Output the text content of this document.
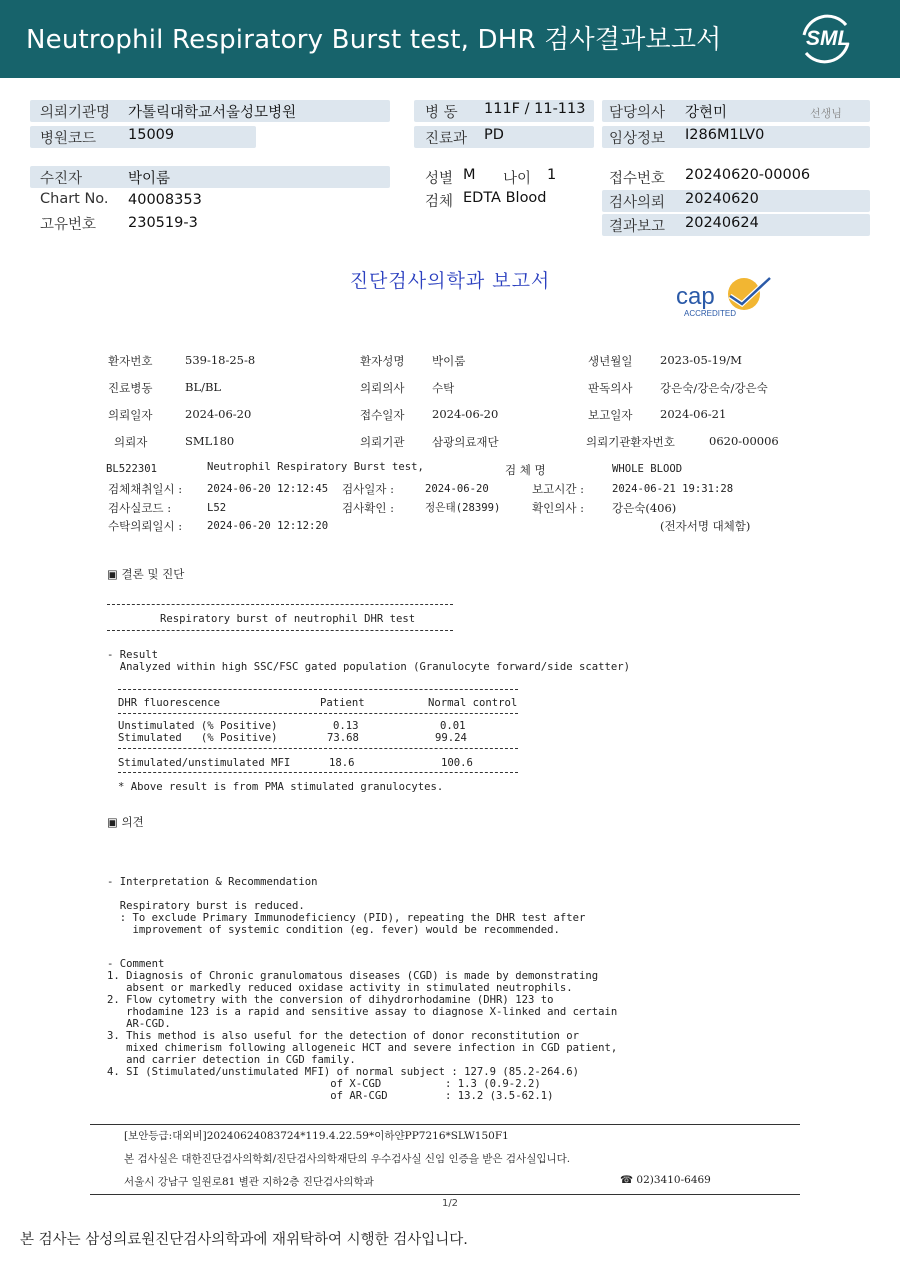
Neutrophil Respiratory Burst test, DHR 검사결과보고서	SML
의뢰기관명 가톨릭대학교서울성모병원	병 동 111F / 11-113 담당의사 강현미	선생님
병원코드 15009	진료과 PD	임상정보 I286M1LV0
수진자	박이룸	성별 M 나이 1	접수번호 20240620-00006
Chart No. 40008353	검체 EDTA Blood	검사의뢰 20240620
고유번호 230519-3	결과보고 20240624
진단검사의학과 보고서
cap
ACCREDITED
환자번호	539-18-25-8	환자성명 박이룸	생년월일 2023-05-19/M
진료병동	BL/BL	의뢰의사 수탁	판독의사 강은숙/강은숙/강은숙
의뢰일자	2024-06-20	접수일자 2024-06-20	보고일자 2024-06-21
의뢰자	SML180	의뢰기관 삼광의료재단	의뢰기관환자번호	0620-00006
BL522301	Neutrophil Respiratory Burst test,	검 체 명	WHOLE BLOOD
검체채취일시 : 2024-06-20 12:12:45 검사일자 :	2024-06-20	보고시간 :	2024-06-21 19:31:28
검사실코드 :	L52	검사확인 :	정은태(28399)	확인의사 : 강은숙(406)
수탁의뢰일시 : 2024-06-20 12:12:20	(전자서명 대체함)
▣ 결론 및 진단
Respiratory burst of neutrophil DHR test
- Result
Analyzed within high SSC/FSC gated population (Granulocyte forward/side scatter)
DHR fluorescence	Patient	Normal control
Unstimulated (% Positive)	0.13	0.01
Stimulated   (% Positive)	73.68	99.24
Stimulated/unstimulated MFI	18.6	100.6
* Above result is from PMA stimulated granulocytes.
▣ 의견
- Interpretation & Recommendation

Respiratory burst is reduced.
: To exclude Primary Immunodeficiency (PID), repeating the DHR test after
improvement of systemic condition (eg. fever) would be recommended.
- Comment
1. Diagnosis of Chronic granulomatous diseases (CGD) is made by demonstrating
absent or markedly reduced oxidase activity in stimulated neutrophils.
2. Flow cytometry with the conversion of dihydrorhodamine (DHR) 123 to
rhodamine 123 is a rapid and sensitive assay to diagnose X-linked and certain
AR-CGD.
3. This method is also useful for the detection of donor reconstitution or
mixed chimerism following allogeneic HCT and severe infection in CGD patient,
and carrier detection in CGD family.
4. SI (Stimulated/unstimulated MFI) of normal subject : 127.9 (85.2-264.6)
of X-CGD          : 1.3 (0.9-2.2)
of AR-CGD         : 13.2 (3.5-62.1)
[보안등급:대외비]20240624083724*119.4.22.59*이하얀PP7216*SLW150F1
본 검사실은 대한진단검사의학회/진단검사의학재단의 우수검사실 신임 인증을 받은 검사실입니다.
서울시 강남구 일원로81 별관 지하2층 진단검사의학과	☎ 02)3410-6469
1/2
본 검사는 삼성의료원진단검사의학과에 재위탁하여 시행한 검사입니다.
